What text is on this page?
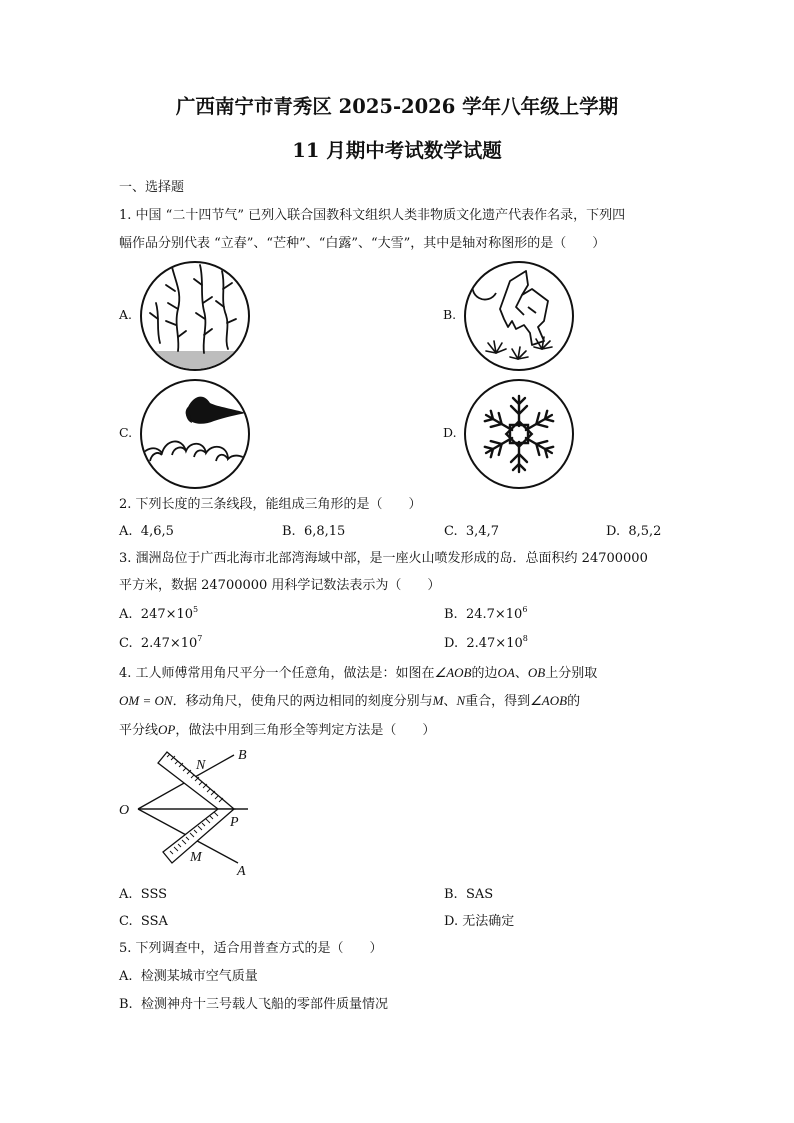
广西南宁市青秀区 2025-2026 学年八年级上学期
11 月期中考试数学试题
一、选择题
1. 中国 “二十四节气” 已列入联合国教科文组织人类非物质文化遗产代表作名录，下列四
幅作品分别代表 “立春”、“芒种”、“白露”、“大雪”，其中是轴对称图形的是（　　）
A.	B.
C.	D.
2. 下列长度的三条线段，能组成三角形的是（　　）
A. 4,6,5	B. 6,8,15	C. 3,4,7	D. 8,5,2
3. 涠洲岛位于广西北海市北部湾海域中部，是一座火山喷发形成的岛．总面积约 24700000
平方米，数据 24700000 用科学记数法表示为（　　）
A. $247\times 10^5$	B. $24.7\times 10^6$
C. $2.47\times 10^7$	D. $2.47\times 10^8$
4. 工人师傅常用角尺平分一个任意角，做法是：如图在∠AOB的边OA、OB上分别取
OM = ON．移动角尺，使角尺的两边相同的刻度分别与M、N重合，得到∠AOB的
平分线OP，做法中用到三角形全等判定方法是（　　）
B
N
O
P
M
A
A. SSS	B. SAS
C. SSA	D. 无法确定
5. 下列调查中，适合用普查方式的是（　　）
A. 检测某城市空气质量
B. 检测神舟十三号载人飞船的零部件质量情况
